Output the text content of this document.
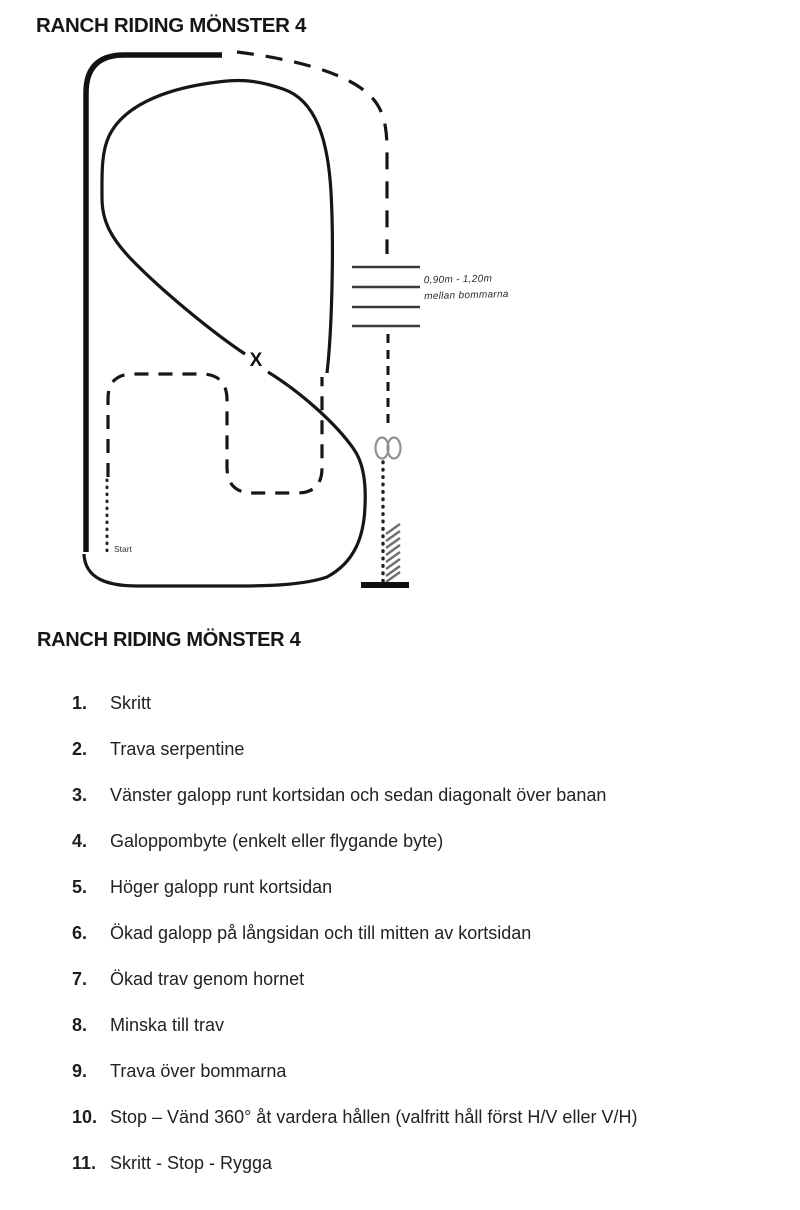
RANCH RIDING MÖNSTER 4
0,90m - 1,20m
mellan bommarna
X
Start
RANCH RIDING MÖNSTER 4
1.	Skritt
2.	Trava serpentine
3.	Vänster galopp runt kortsidan och sedan diagonalt över banan
4.	Galoppombyte (enkelt eller flygande byte)
5.	Höger galopp runt kortsidan
6.	Ökad galopp på långsidan och till mitten av kortsidan
7.	Ökad trav genom hornet
8.	Minska till trav
9.	Trava över bommarna
10. Stop – Vänd 360° åt vardera hållen (valfritt håll först H/V eller V/H)
11. Skritt - Stop - Rygga
